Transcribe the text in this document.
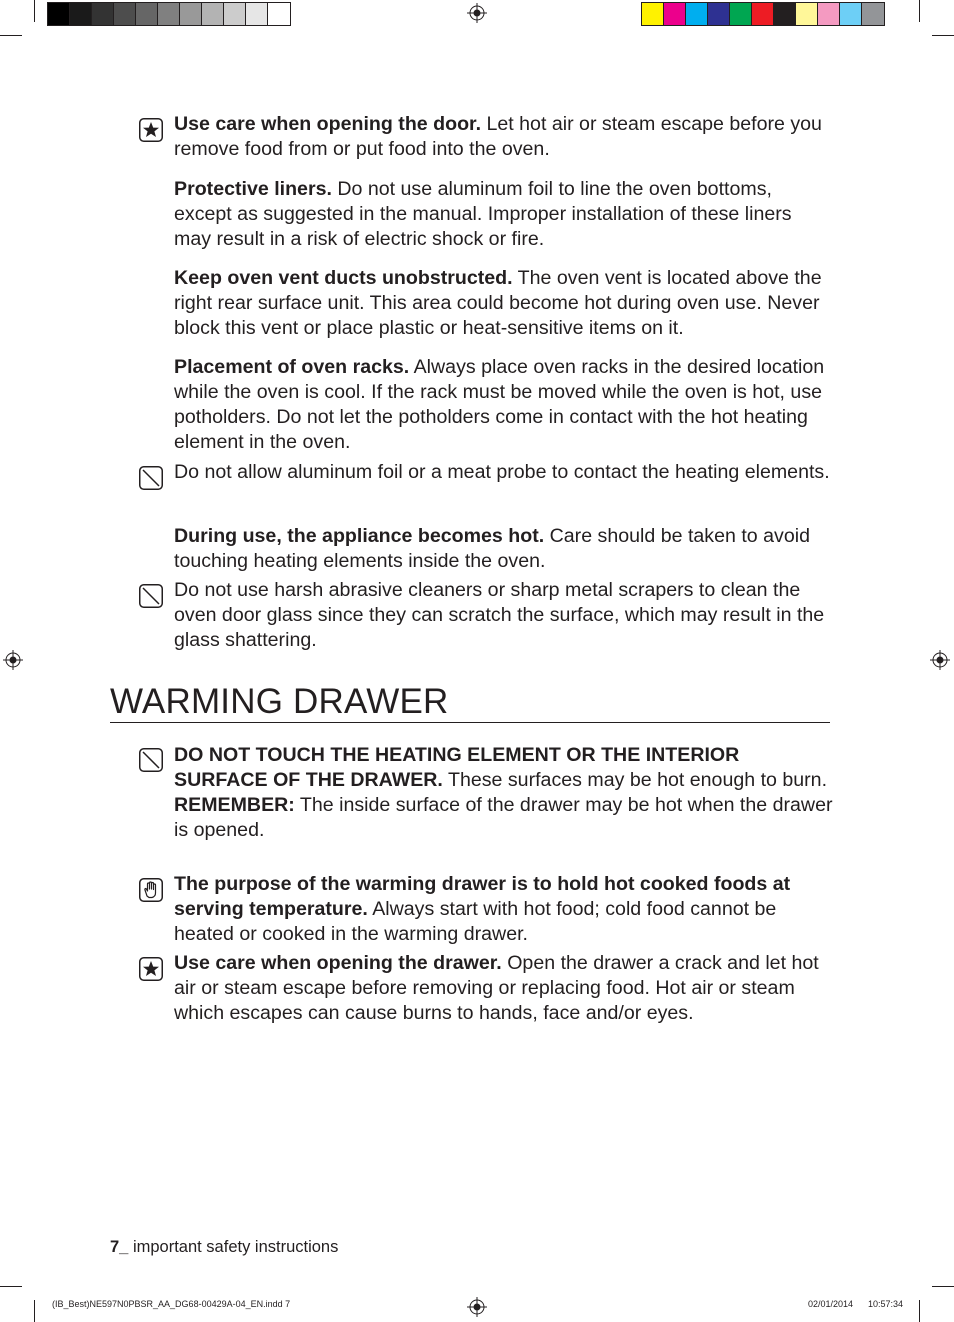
Use care when opening the door. Let hot air or steam escape before you remove food from or put food into the oven.
Protective liners. Do not use aluminum foil to line the oven bottoms, except as suggested in the manual. Improper installation of these liners may result in a risk of electric shock or fire.
Keep oven vent ducts unobstructed. The oven vent is located above the right rear surface unit. This area could become hot during oven use. Never block this vent or place plastic or heat-sensitive items on it.
Placement of oven racks. Always place oven racks in the desired location while the oven is cool. If the rack must be moved while the oven is hot, use potholders. Do not let the potholders come in contact with the hot heating element in the oven.
Do not allow aluminum foil or a meat probe to contact the heating elements.
During use, the appliance becomes hot. Care should be taken to avoid touching heating elements inside the oven.
Do not use harsh abrasive cleaners or sharp metal scrapers to clean the oven door glass since they can scratch the surface, which may result in the glass shattering.
WARMING DRAWER
DO NOT TOUCH THE HEATING ELEMENT OR THE INTERIOR SURFACE OF THE DRAWER. These surfaces may be hot enough to burn.
REMEMBER: The inside surface of the drawer may be hot when the drawer is opened.
The purpose of the warming drawer is to hold hot cooked foods at serving temperature. Always start with hot food; cold food cannot be heated or cooked in the warming drawer.
Use care when opening the drawer. Open the drawer a crack and let hot air or steam escape before removing or replacing food. Hot air or steam which escapes can cause burns to hands, face and/or eyes.
7_ important safety instructions
(IB_Best)NE597N0PBSR_AA_DG68-00429A-04_EN.indd 7	02/01/2014 10:57:34
